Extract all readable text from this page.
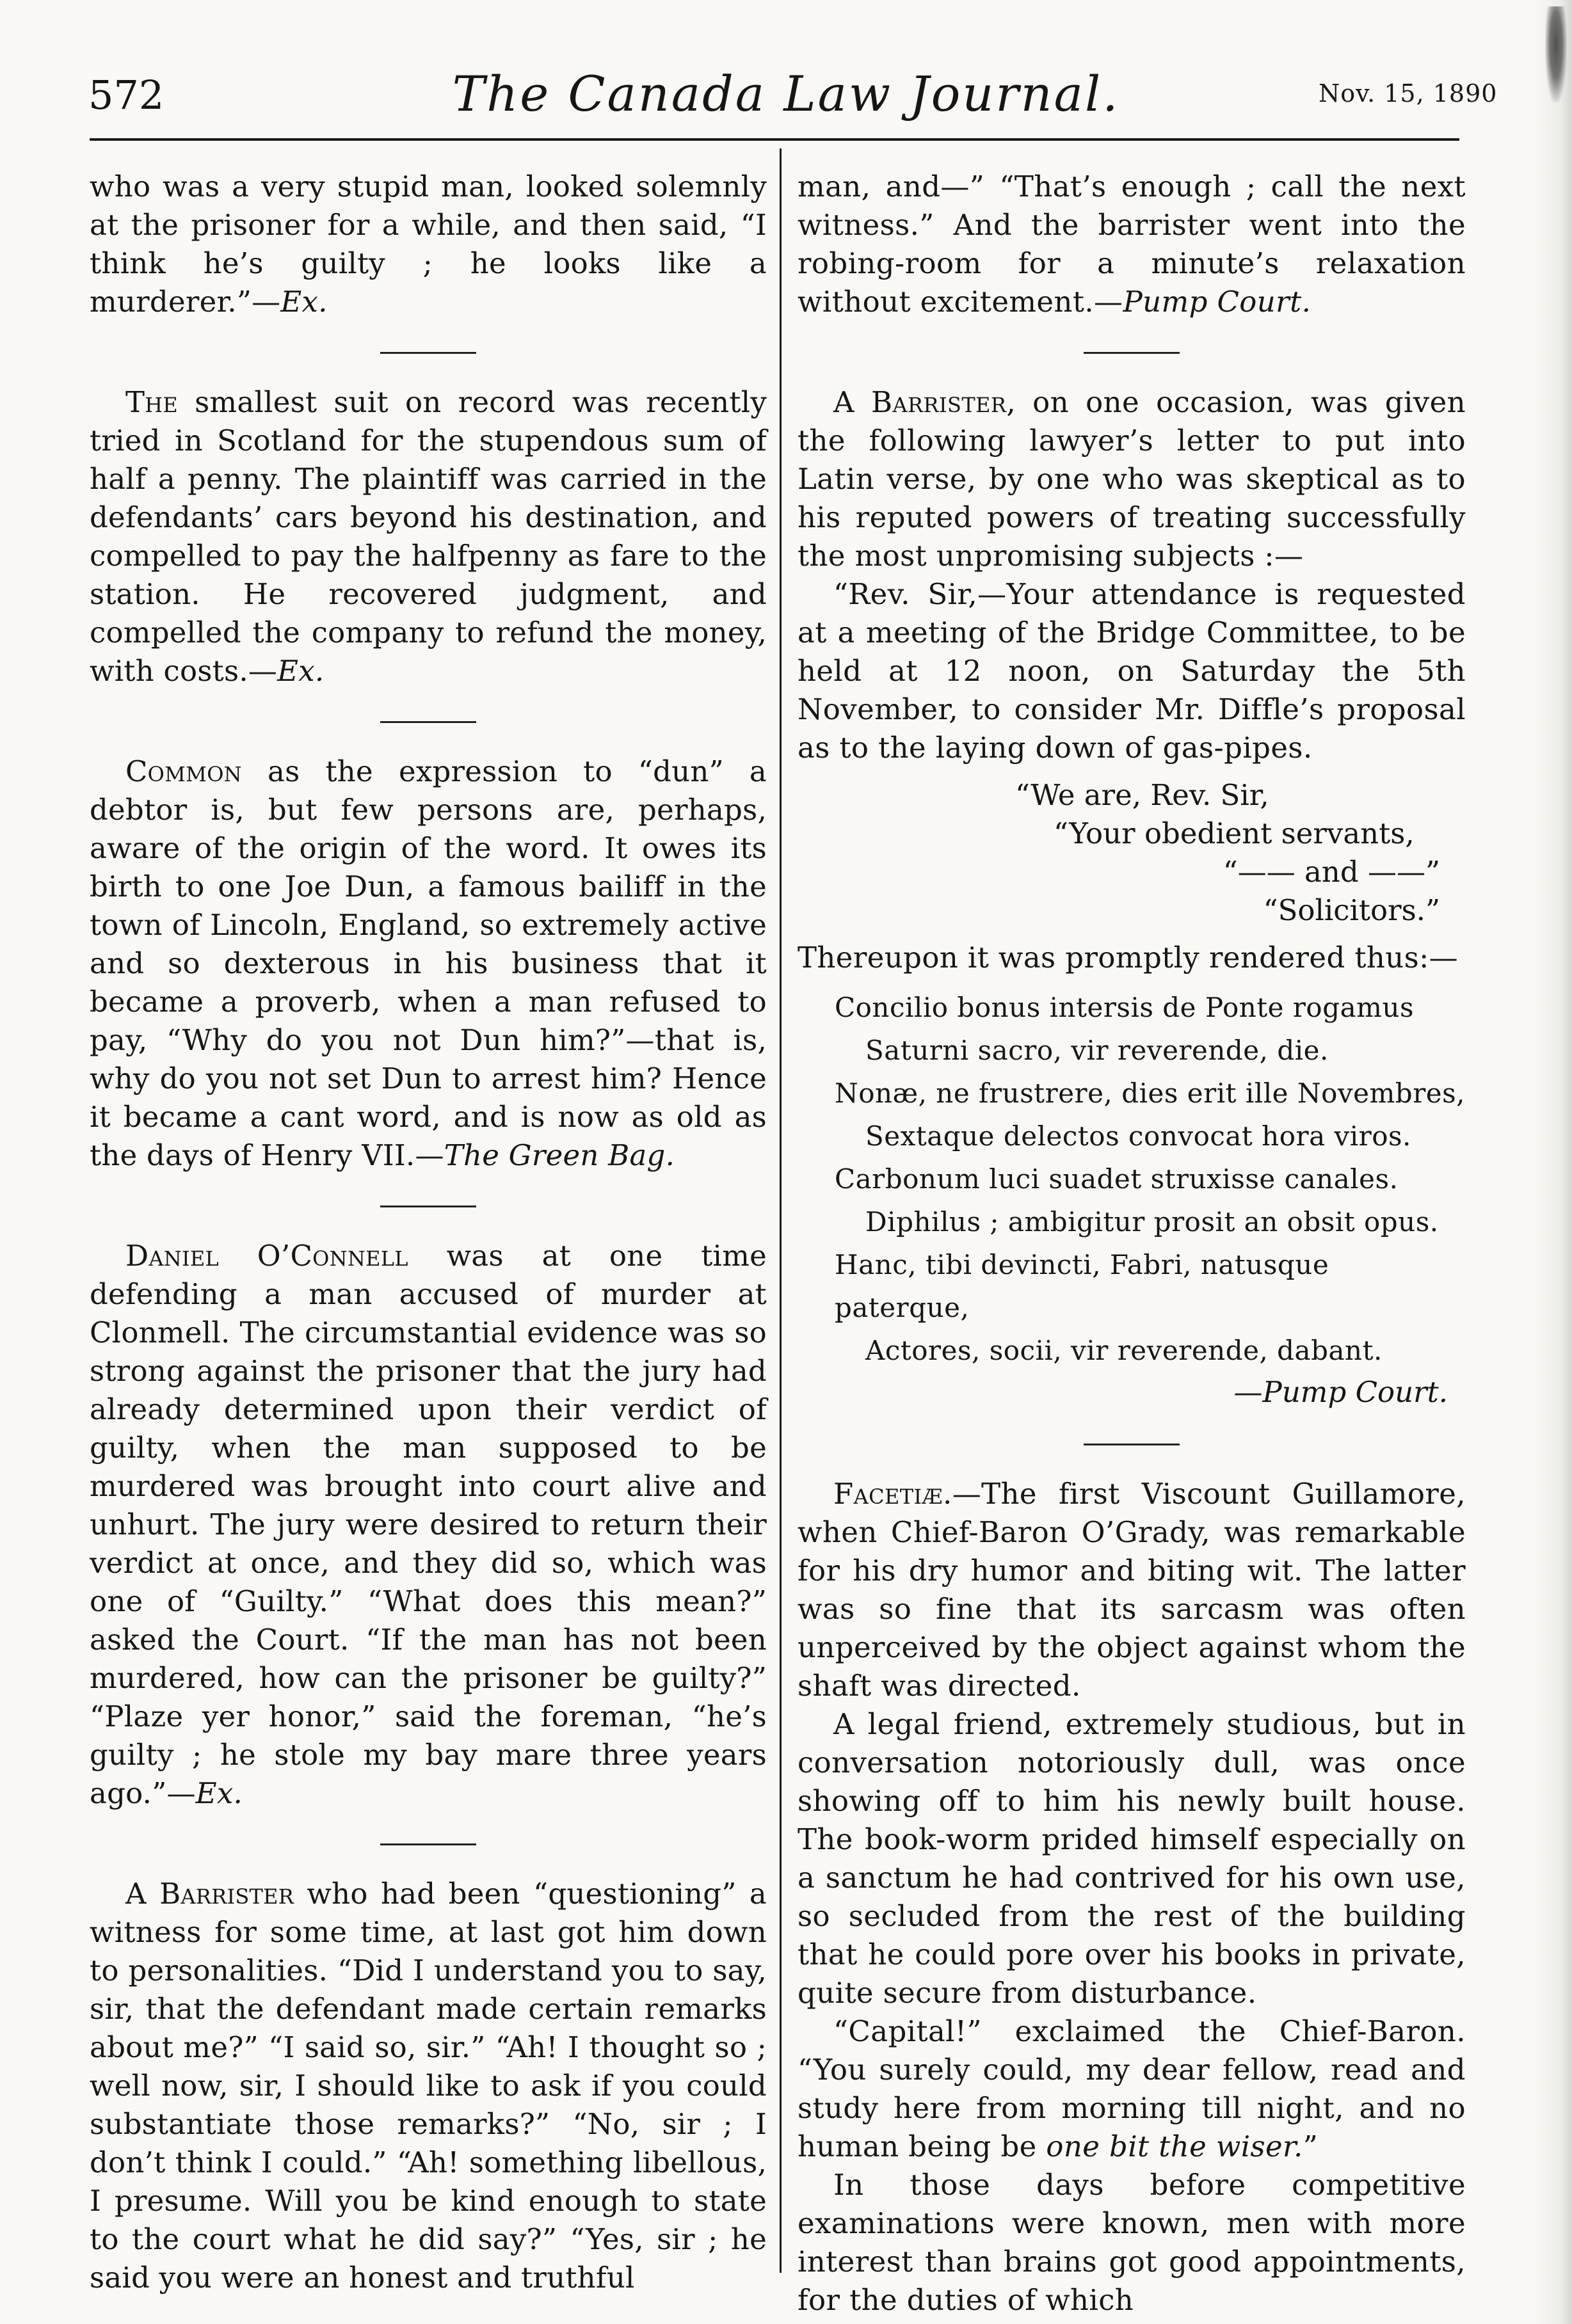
572	The Canada Law Journal.	Nov. 15, 1890

who was a very stupid man, looked solemnly at the prisoner for a while, and then said, “I think he’s guilty ; he looks like a murderer.”—Ex.

The smallest suit on record was recently tried in Scotland for the stupendous sum of half a penny. The plaintiff was carried in the defendants’ cars beyond his destination, and compelled to pay the halfpenny as fare to the station. He recovered judgment, and compelled the company to refund the money, with costs.—Ex.

Common as the expression to “dun” a debtor is, but few persons are, perhaps, aware of the origin of the word. It owes its birth to one Joe Dun, a famous bailiff in the town of Lincoln, England, so extremely active and so dexterous in his business that it became a proverb, when a man refused to pay, “Why do you not Dun him?”—that is, why do you not set Dun to arrest him? Hence it became a cant word, and is now as old as the days of Henry VII.—The Green Bag.

Daniel O’Connell was at one time defending a man accused of murder at Clonmell. The circumstantial evidence was so strong against the prisoner that the jury had already determined upon their verdict of guilty, when the man supposed to be murdered was brought into court alive and unhurt. The jury were desired to return their verdict at once, and they did so, which was one of “Guilty.” “What does this mean?” asked the Court. “If the man has not been murdered, how can the prisoner be guilty?” “Plaze yer honor,” said the foreman, “he’s guilty ; he stole my bay mare three years ago.”—Ex.

A Barrister who had been “questioning” a witness for some time, at last got him down to personalities. “Did I understand you to say, sir, that the defendant made certain remarks about me?” “I said so, sir.” “Ah! I thought so ; well now, sir, I should like to ask if you could substantiate those remarks?” “No, sir ; I don’t think I could.” “Ah! something libellous, I presume. Will you be kind enough to state to the court what he did say?” “Yes, sir ; he said you were an honest and truthful

man, and—” “That’s enough ; call the next witness.” And the barrister went into the robing-room for a minute’s relaxation without excitement.—Pump Court.

A Barrister, on one occasion, was given the following lawyer’s letter to put into Latin verse, by one who was skeptical as to his reputed powers of treating successfully the most unpromising subjects :—

“Rev. Sir,—Your attendance is requested at a meeting of the Bridge Committee, to be held at 12 noon, on Saturday the 5th November, to consider Mr. Diffle’s proposal as to the laying down of gas-pipes.

“We are, Rev. Sir,
“Your obedient servants,
“—— and ——”
“Solicitors.”

Thereupon it was promptly rendered thus:—

Concilio bonus intersis de Ponte rogamus
Saturni sacro, vir reverende, die.
Nonæ, ne frustrere, dies erit ille Novembres,
Sextaque delectos convocat hora viros.
Carbonum luci suadet struxisse canales.
Diphilus ; ambigitur prosit an obsit opus.
Hanc, tibi devincti, Fabri, natusque paterque,
Actores, socii, vir reverende, dabant.
—Pump Court.

Facetiæ.—The first Viscount Guillamore, when Chief-Baron O’Grady, was remarkable for his dry humor and biting wit. The latter was so fine that its sarcasm was often unperceived by the object against whom the shaft was directed.

A legal friend, extremely studious, but in conversation notoriously dull, was once showing off to him his newly built house. The book-worm prided himself especially on a sanctum he had contrived for his own use, so secluded from the rest of the building that he could pore over his books in private, quite secure from disturbance.

“Capital!” exclaimed the Chief-Baron. “You surely could, my dear fellow, read and study here from morning till night, and no human being be one bit the wiser.”

In those days before competitive examinations were known, men with more interest than brains got good appointments, for the duties of which
